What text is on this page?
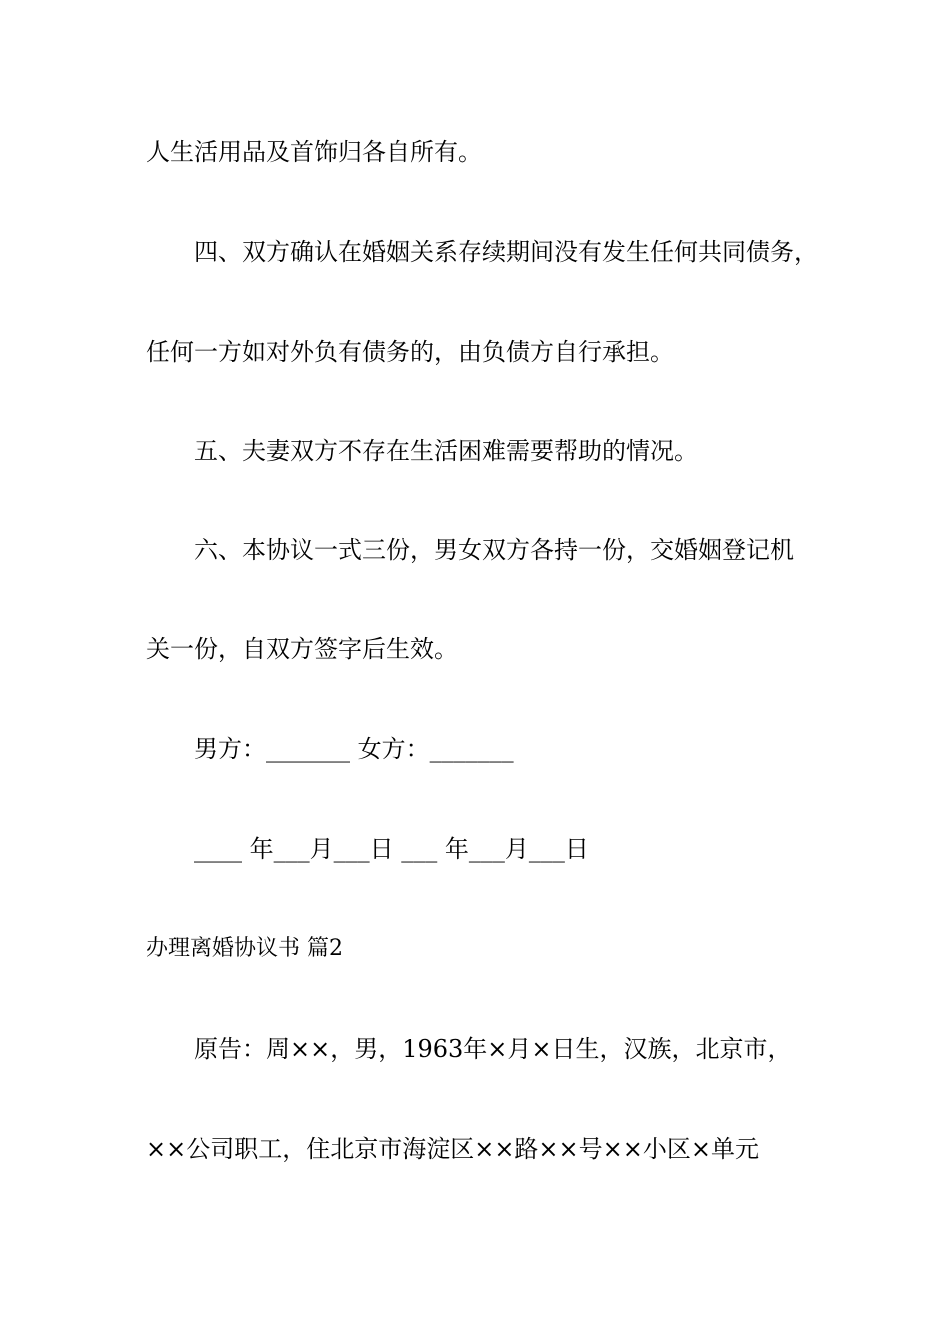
人生活用品及首饰归各自所有。
四、双方确认在婚姻关系存续期间没有发生任何共同债务，
任何一方如对外负有债务的，由负债方自行承担。
五、夫妻双方不存在生活困难需要帮助的情况。
六、本协议一式三份，男女双方各持一份，交婚姻登记机
关一份，自双方签字后生效。
男方：_______ 女方：_______
____ 年___月___日 ___ 年___月___日
办理离婚协议书 篇2
原告：周××，男，1963年×月×日生，汉族，北京市，
××公司职工，住北京市海淀区××路××号××小区×单元
